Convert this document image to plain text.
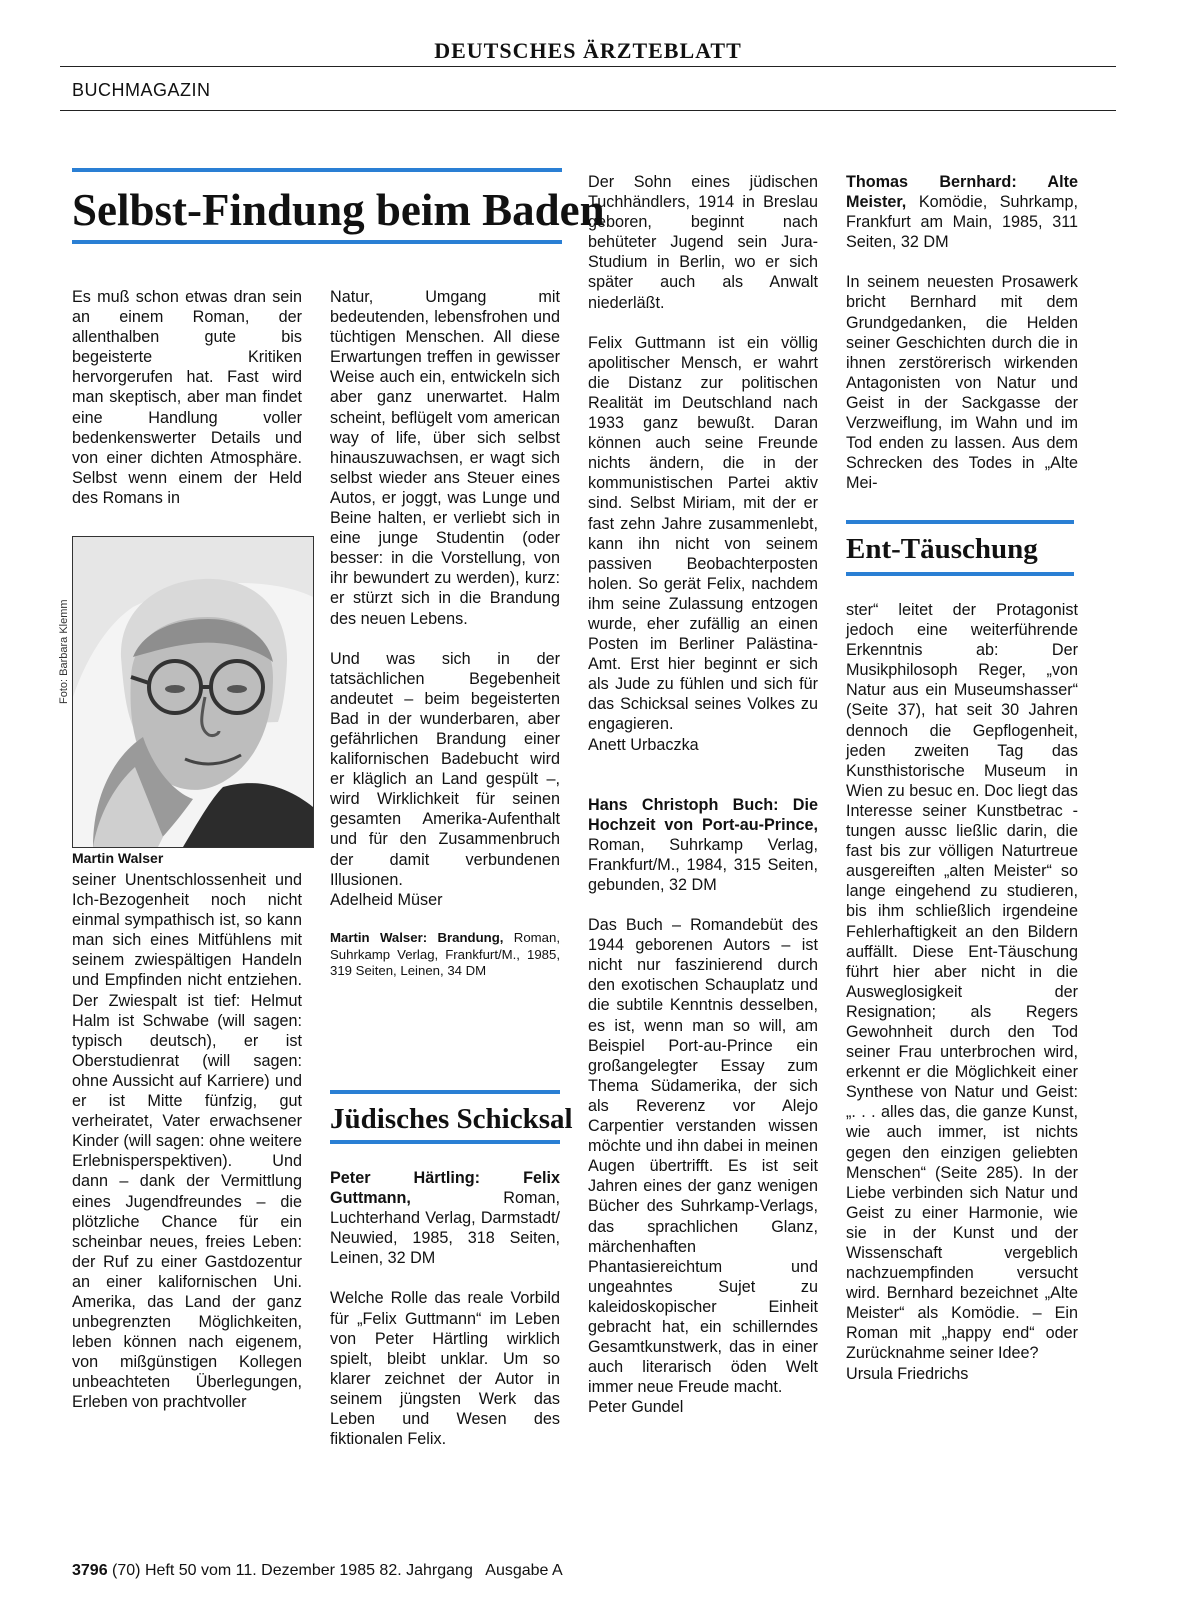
DEUTSCHES ÄRZTEBLATT
BUCHMAGAZIN
Selbst-Findung beim Baden

Es muß schon etwas dran sein an einem Roman, der allenthalben gute bis begeisterte Kritiken hervorgerufen hat. Fast wird man skeptisch, aber man findet eine Handlung voller bedenkenswerter Details und von einer dichten Atmosphäre. Selbst wenn einem der Held des Romans in

Foto: Barbara Klemm
Martin Walser

seiner Unentschlossenheit und Ich-Bezogenheit noch nicht einmal sympathisch ist, so kann man sich eines Mitfühlens mit seinem zwiespältigen Handeln und Empfinden nicht entziehen. Der Zwiespalt ist tief: Helmut Halm ist Schwabe (will sagen: typisch deutsch), er ist Oberstudienrat (will sagen: ohne Aussicht auf Karriere) und er ist Mitte fünfzig, gut verheiratet, Vater erwachsener Kinder (will sagen: ohne weitere Erlebnisperspektiven). Und dann – dank der Vermittlung eines Jugendfreundes – die plötzliche Chance für ein scheinbar neues, freies Leben: der Ruf zu einer Gastdozentur an einer kalifornischen Uni. Amerika, das Land der ganz unbegrenzten Möglichkeiten, leben können nach eigenem, von mißgünstigen Kollegen unbeachteten Überlegungen, Erleben von prachtvoller

Natur, Umgang mit bedeutenden, lebensfrohen und tüchtigen Menschen. All diese Erwartungen treffen in gewisser Weise auch ein, entwickeln sich aber ganz unerwartet. Halm scheint, beflügelt vom american way of life, über sich selbst hinauszuwachsen, er wagt sich selbst wieder ans Steuer eines Autos, er joggt, was Lunge und Beine halten, er verliebt sich in eine junge Studentin (oder besser: in die Vorstellung, von ihr bewundert zu werden), kurz: er stürzt sich in die Brandung des neuen Lebens.

Und was sich in der tatsächlichen Begebenheit andeutet – beim begeisterten Bad in der wunderbaren, aber gefährlichen Brandung einer kalifornischen Badebucht wird er kläglich an Land gespült –, wird Wirklichkeit für seinen gesamten Amerika-Aufenthalt und für den Zusammenbruch der damit verbundenen Illusionen.

Adelheid Müser

Martin Walser: Brandung, Roman, Suhrkamp Verlag, Frankfurt/M., 1985, 319 Seiten, Leinen, 34 DM

Jüdisches Schicksal

Peter Härtling: Felix Guttmann, Roman, Luchterhand Verlag, Darmstadt/ Neuwied, 1985, 318 Seiten, Leinen, 32 DM

Welche Rolle das reale Vorbild für „Felix Guttmann“ im Leben von Peter Härtling wirklich spielt, bleibt unklar. Um so klarer zeichnet der Autor in seinem jüngsten Werk das Leben und Wesen des fiktionalen Felix.

Der Sohn eines jüdischen Tuchhändlers, 1914 in Breslau geboren, beginnt nach behüteter Jugend sein Jura-Studium in Berlin, wo er sich später auch als Anwalt niederläßt.

Felix Guttmann ist ein völlig apolitischer Mensch, er wahrt die Distanz zur politischen Realität im Deutschland nach 1933 ganz bewußt. Daran können auch seine Freunde nichts ändern, die in der kommunistischen Partei aktiv sind. Selbst Miriam, mit der er fast zehn Jahre zusammenlebt, kann ihn nicht von seinem passiven Beobachterposten holen. So gerät Felix, nachdem ihm seine Zulassung entzogen wurde, eher zufällig an einen Posten im Berliner Palästina-Amt. Erst hier beginnt er sich als Jude zu fühlen und sich für das Schicksal seines Volkes zu engagieren.

Anett Urbaczka

Hans Christoph Buch: Die Hochzeit von Port-au-Prince, Roman, Suhrkamp Verlag, Frankfurt/M., 1984, 315 Seiten, gebunden, 32 DM

Das Buch – Romandebüt des 1944 geborenen Autors – ist nicht nur faszinierend durch den exotischen Schauplatz und die subtile Kenntnis desselben, es ist, wenn man so will, am Beispiel Port-au-Prince ein großangelegter Essay zum Thema Südamerika, der sich als Reverenz vor Alejo Carpentier verstanden wissen möchte und ihn dabei in meinen Augen übertrifft. Es ist seit Jahren eines der ganz wenigen Bücher des Suhrkamp-Verlags, das sprachlichen Glanz, märchenhaften Phantasiereichtum und ungeahntes Sujet zu kaleidoskopischer Einheit gebracht hat, ein schillerndes Gesamtkunstwerk, das in einer auch literarisch öden Welt immer neue Freude macht.

Peter Gundel

Thomas Bernhard: Alte Meister, Komödie, Suhrkamp, Frankfurt am Main, 1985, 311 Seiten, 32 DM

In seinem neuesten Prosawerk bricht Bernhard mit dem Grundgedanken, die Helden seiner Geschichten durch die in ihnen zerstörerisch wirkenden Antagonisten von Natur und Geist in der Sackgasse der Verzweiflung, im Wahn und im Tod enden zu lassen. Aus dem Schrecken des Todes in „Alte Mei-

Ent-Täuschung

ster“ leitet der Protagonist jedoch eine weiterführende Erkenntnis ab: Der Musikphilosoph Reger, „von Natur aus ein Museumshasser“ (Seite 37), hat seit 30 Jahren dennoch die Gepflogenheit, jeden zweiten Tag das Kunsthistorische Museum in Wien zu besuc en. Doc liegt das Interesse seiner Kunstbetrac - tungen aussc ließlic darin, die fast bis zur völligen Naturtreue ausgereiften „alten Meister“ so lange eingehend zu studieren, bis ihm schließlich irgendeine Fehlerhaftigkeit an den Bildern auffällt. Diese Ent-Täuschung führt hier aber nicht in die Ausweglosigkeit der Resignation; als Regers Gewohnheit durch den Tod seiner Frau unterbrochen wird, erkennt er die Möglichkeit einer Synthese von Natur und Geist: „. . . alles das, die ganze Kunst, wie auch immer, ist nichts gegen den einzigen geliebten Menschen“ (Seite 285). In der Liebe verbinden sich Natur und Geist zu einer Harmonie, wie sie in der Kunst und der Wissenschaft vergeblich nachzuempfinden versucht wird. Bernhard bezeichnet „Alte Meister“ als Komödie. – Ein Roman mit „happy end“ oder Zurücknahme seiner Idee?

Ursula Friedrichs

3796 (70) Heft 50 vom 11. Dezember 1985 82. Jahrgang   Ausgabe A
